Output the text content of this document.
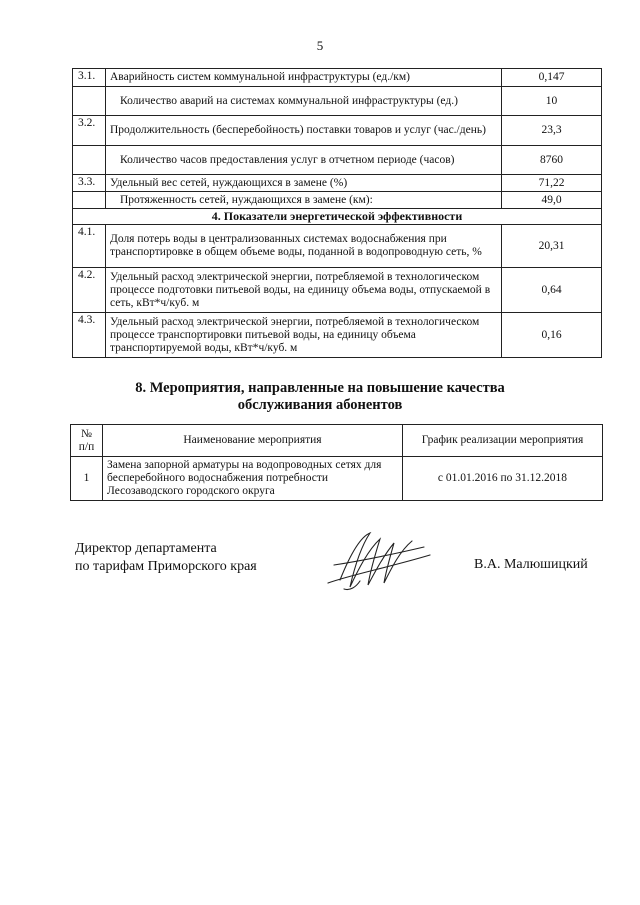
5
3.1.	Аварийность систем коммунальной инфраструктуры (ед./км)	0,147
	Количество аварий на системах коммунальной инфраструктуры (ед.)	10
3.2.	Продолжительность (бесперебойность) поставки товаров и услуг (час./день)	23,3
	Количество часов предоставления услуг в отчетном периоде (часов)	8760
3.3.	Удельный вес сетей, нуждающихся в замене (%)	71,22
	Протяженность сетей, нуждающихся в замене (км):	49,0
4. Показатели энергетической эффективности		
4.1.	Доля потерь воды в централизованных системах водоснабжения при транспортировке в общем объеме воды, поданной в водопроводную сеть, %	20,31
4.2.	Удельный расход электрической энергии, потребляемой в технологическом процессе подготовки питьевой воды, на единицу объема воды, отпускаемой в сеть, кВт*ч/куб. м	0,64
4.3.	Удельный расход электрической энергии, потребляемой в технологическом процессе транспортировки питьевой воды, на единицу объема транспортируемой воды, кВт*ч/куб. м	0,16
8. Мероприятия, направленные на повышение качества
обслуживания абонентов
№
п/п	Наименование мероприятия	График реализации мероприятия
1	Замена запорной арматуры на водопроводных сетях для бесперебойного водоснабжения потребности Лесозаводского городского округа	с 01.01.2016 по 31.12.2018
Директор департамента
по тарифам Приморского края	В.А. Малюшицкий
